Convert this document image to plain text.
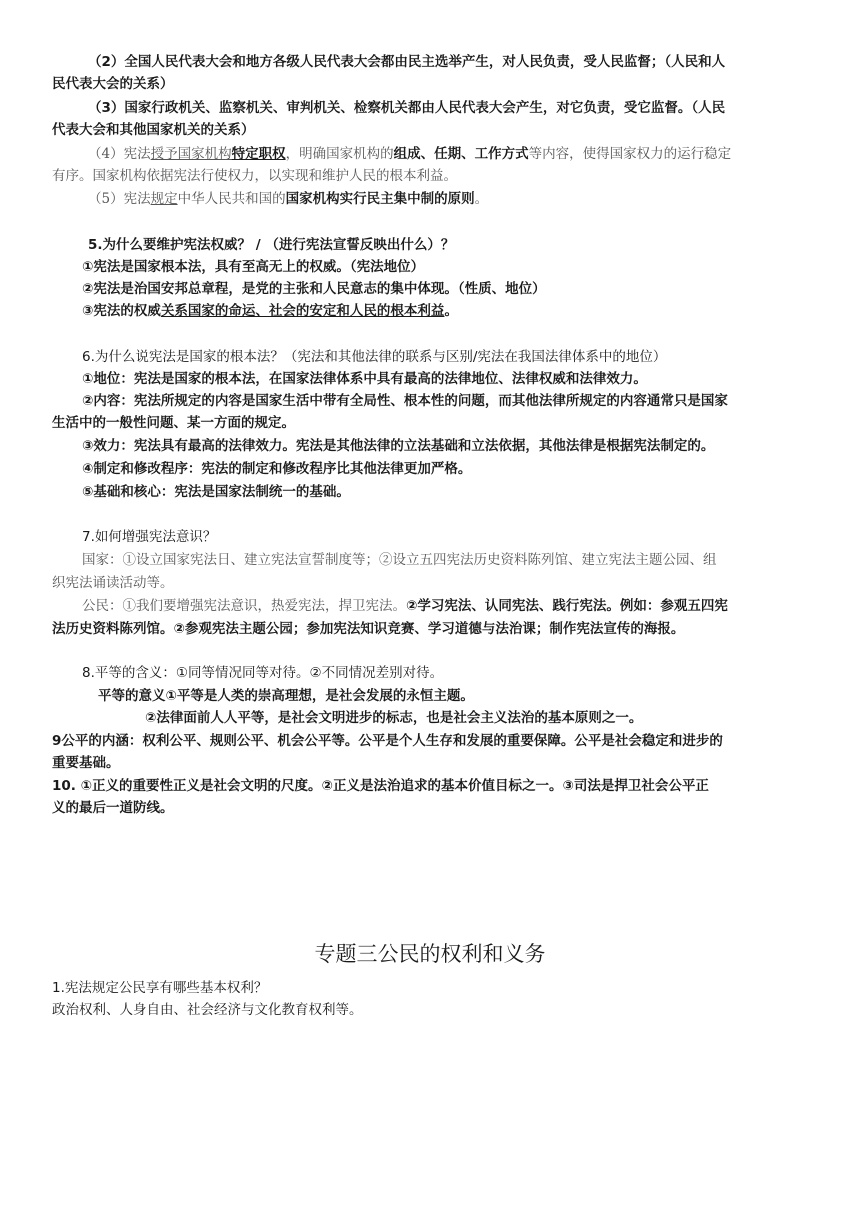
（2）全国人民代表大会和地方各级人民代表大会都由民主选举产生，对人民负责，受人民监督；（人民和人
民代表大会的关系）
（3）国家行政机关、监察机关、审判机关、检察机关都由人民代表大会产生，对它负责，受它监督。（人民
代表大会和其他国家机关的关系）
（4）宪法授予国家机构特定职权，明确国家机构的组成、任期、工作方式等内容，使得国家权力的运行稳定
有序。国家机构依据宪法行使权力，以实现和维护人民的根本利益。
（5）宪法规定中华人民共和国的国家机构实行民主集中制的原则。
5.为什么要维护宪法权威？ / （进行宪法宣誓反映出什么）？
①宪法是国家根本法，具有至高无上的权威。（宪法地位）
②宪法是治国安邦总章程，是党的主张和人民意志的集中体现。（性质、地位）
③宪法的权威关系国家的命运、社会的安定和人民的根本利益。
6.为什么说宪法是国家的根本法？（宪法和其他法律的联系与区别/宪法在我国法律体系中的地位）
①地位：宪法是国家的根本法，在国家法律体系中具有最高的法律地位、法律权威和法律效力。
②内容：宪法所规定的内容是国家生活中带有全局性、根本性的问题，而其他法律所规定的内容通常只是国家
生活中的一般性问题、某一方面的规定。
③效力：宪法具有最高的法律效力。宪法是其他法律的立法基础和立法依据，其他法律是根据宪法制定的。
④制定和修改程序：宪法的制定和修改程序比其他法律更加严格。
⑤基础和核心：宪法是国家法制统一的基础。
7.如何增强宪法意识？
国家：①设立国家宪法日、建立宪法宣誓制度等；②设立五四宪法历史资料陈列馆、建立宪法主题公园、组
织宪法诵读活动等。
公民：①我们要增强宪法意识，热爱宪法，捍卫宪法。②学习宪法、认同宪法、践行宪法。例如：参观五四宪
法历史资料陈列馆。②参观宪法主题公园；参加宪法知识竞赛、学习道德与法治课；制作宪法宣传的海报。
8.平等的含义：①同等情况同等对待。②不同情况差别对待。
平等的意义①平等是人类的崇高理想，是社会发展的永恒主题。
②法律面前人人平等，是社会文明进步的标志，也是社会主义法治的基本原则之一。
9公平的内涵：权利公平、规则公平、机会公平等。公平是个人生存和发展的重要保障。公平是社会稳定和进步的
重要基础。
10. ①正义的重要性正义是社会文明的尺度。②正义是法治追求的基本价值目标之一。③司法是捍卫社会公平正
义的最后一道防线。
专题三公民的权利和义务
1.宪法规定公民享有哪些基本权利？
政治权利、人身自由、社会经济与文化教育权利等。
